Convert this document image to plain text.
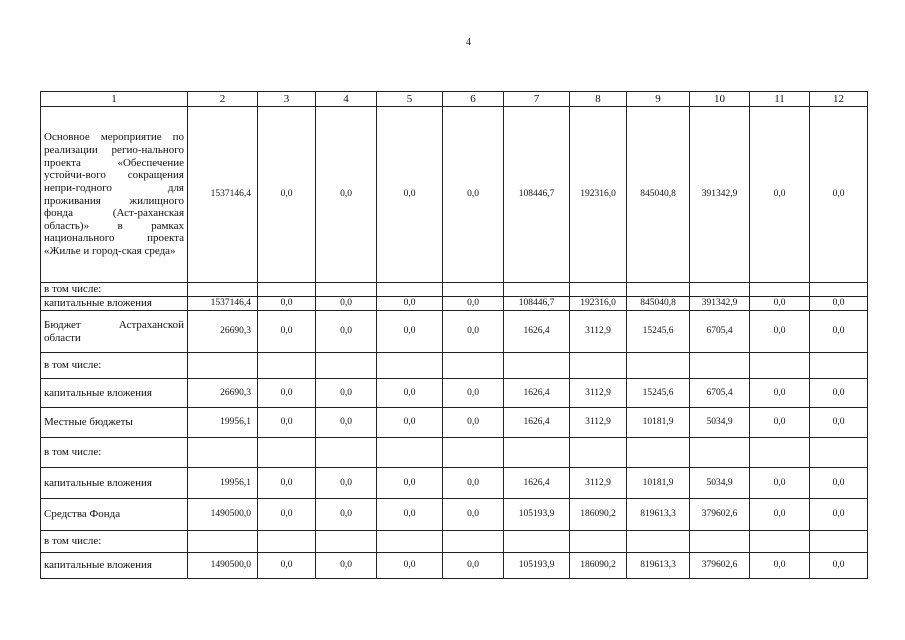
4
1	2	3	4	5	6	7	8	9	10	11	12
Основное мероприятие по реализации регио-нального проекта «Обеспечение устойчи-вого сокращения непри-годного для проживания жилищного фонда (Аст-раханская область)» в рамках национального проекта «Жилье и город-ская среда»	1537146,4	0,0	0,0	0,0	0,0	108446,7	192316,0	845040,8	391342,9	0,0	0,0
в том числе:											
капитальные вложения	1537146,4	0,0	0,0	0,0	0,0	108446,7	192316,0	845040,8	391342,9	0,0	0,0
Бюджет Астраханской области	26690,3	0,0	0,0	0,0	0,0	1626,4	3112,9	15245,6	6705,4	0,0	0,0
в том числе:											
капитальные вложения	26690,3	0,0	0,0	0,0	0,0	1626,4	3112,9	15245,6	6705,4	0,0	0,0
Местные бюджеты	19956,1	0,0	0,0	0,0	0,0	1626,4	3112,9	10181,9	5034,9	0,0	0,0
в том числе:											
капитальные вложения	19956,1	0,0	0,0	0,0	0,0	1626,4	3112,9	10181,9	5034,9	0,0	0,0
Средства Фонда	1490500,0	0,0	0,0	0,0	0,0	105193,9	186090,2	819613,3	379602,6	0,0	0,0
в том числе:											
капитальные вложения	1490500,0	0,0	0,0	0,0	0,0	105193,9	186090,2	819613,3	379602,6	0,0	0,0
